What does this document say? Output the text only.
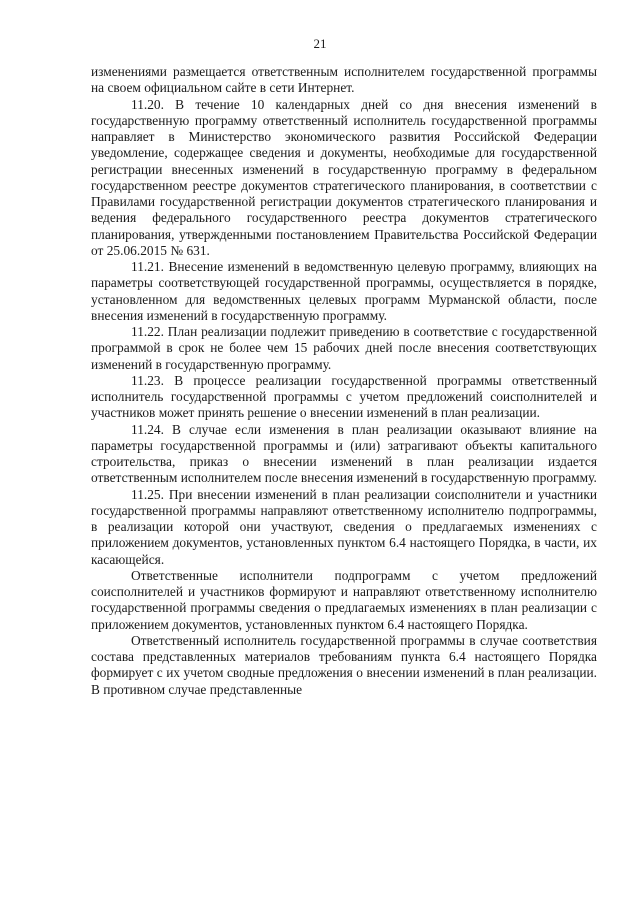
21

изменениями размещается ответственным исполнителем государственной программы на своем официальном сайте в сети Интернет.

11.20. В течение 10 календарных дней со дня внесения изменений в государственную программу ответственный исполнитель государственной программы направляет в Министерство экономического развития Российской Федерации уведомление, содержащее сведения и документы, необходимые для государственной регистрации внесенных изменений в государственную программу в федеральном государственном реестре документов стратегического планирования, в соответствии с Правилами государственной регистрации документов стратегического планирования и ведения федерального государственного реестра документов стратегического планирования, утвержденными постановлением Правительства Российской Федерации от 25.06.2015 № 631.

11.21. Внесение изменений в ведомственную целевую программу, влияющих на параметры соответствующей государственной программы, осуществляется в порядке, установленном для ведомственных целевых программ Мурманской области, после внесения изменений в государственную программу.

11.22. План реализации подлежит приведению в соответствие с государственной программой в срок не более чем 15 рабочих дней после внесения соответствующих изменений в государственную программу.

11.23. В процессе реализации государственной программы ответственный исполнитель государственной программы с учетом предложений соисполнителей и участников может принять решение о внесении изменений в план реализации.

11.24. В случае если изменения в план реализации оказывают влияние на параметры государственной программы и (или) затрагивают объекты капитального строительства, приказ о внесении изменений в план реализации издается ответственным исполнителем после внесения изменений в государственную программу.

11.25. При внесении изменений в план реализации соисполнители и участники государственной программы направляют ответственному исполнителю подпрограммы, в реализации которой они участвуют, сведения о предлагаемых изменениях с приложением документов, установленных пунктом 6.4 настоящего Порядка, в части, их касающейся.

Ответственные исполнители подпрограмм с учетом предложений соисполнителей и участников формируют и направляют ответственному исполнителю государственной программы сведения о предлагаемых изменениях в план реализации с приложением документов, установленных пунктом 6.4 настоящего Порядка.

Ответственный исполнитель государственной программы в случае соответствия состава представленных материалов требованиям пункта 6.4 настоящего Порядка формирует с их учетом сводные предложения о внесении изменений в план реализации. В противном случае представленные
